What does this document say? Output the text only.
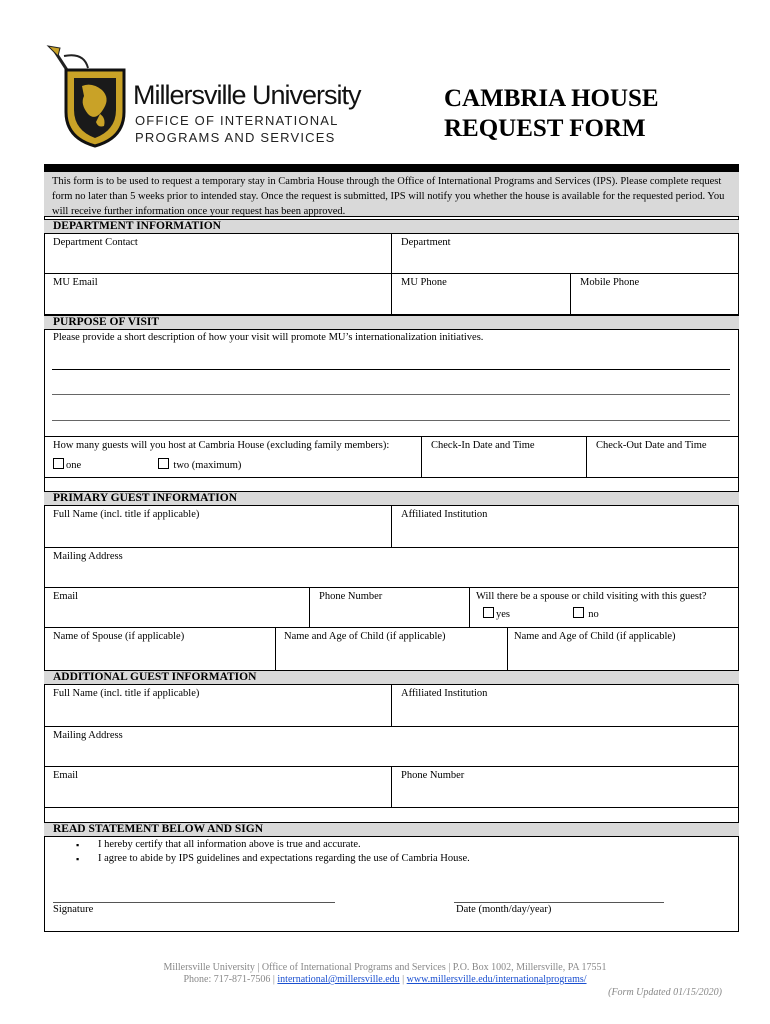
Millersville University
OFFICE OF INTERNATIONAL
PROGRAMS AND SERVICES
CAMBRIA HOUSE
REQUEST FORM
This form is to be used to request a temporary stay in Cambria House through the Office of International Programs and Services (IPS). Please complete request form no later than 5 weeks prior to intended stay. Once the request is submitted, IPS will notify you whether the house is available for the requested period. You will receive further information once your request has been approved.
DEPARTMENT INFORMATION
Department Contact	Department
MU Email	MU Phone	Mobile Phone
PURPOSE OF VISIT
Please provide a short description of how your visit will promote MU’s internationalization initiatives.
How many guests will you host at Cambria House (excluding family members):
one	two (maximum)
Check-In Date and Time	Check-Out Date and Time
PRIMARY GUEST INFORMATION
Full Name (incl. title if applicable)	Affiliated Institution
Mailing Address
Email	Phone Number	Will there be a spouse or child visiting with this guest?
yes	no
Name of Spouse (if applicable)	Name and Age of Child (if applicable)	Name and Age of Child (if applicable)
ADDITIONAL GUEST INFORMATION
Full Name (incl. title if applicable)	Affiliated Institution
Mailing Address
Email	Phone Number
READ STATEMENT BELOW AND SIGN
▪ I hereby certify that all information above is true and accurate.
▪ I agree to abide by IPS guidelines and expectations regarding the use of Cambria House.
Signature	Date (month/day/year)
Millersville University | Office of International Programs and Services | P.O. Box 1002, Millersville, PA 17551
Phone: 717-871-7506 | international@millersville.edu | www.millersville.edu/internationalprograms/
(Form Updated 01/15/2020)
